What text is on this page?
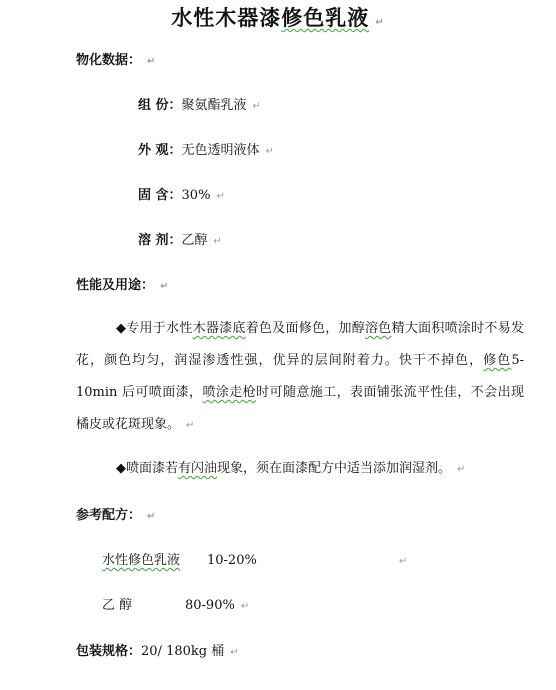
水性木器漆修色乳液 ↵
物化数据： ↵
组 份：聚氨酯乳液 ↵
外 观：无色透明液体 ↵
固 含：30% ↵
溶 剂：乙醇 ↵
性能及用途： ↵
◆专用于水性木器漆底着色及面修色，加醇溶色精大面积喷涂时不易发花，颜色均匀，润湿渗透性强，优异的层间附着力。快干不掉色，修色5-10min 后可喷面漆，喷涂走枪时可随意施工，表面铺张流平性佳，不会出现橘皮或花斑现象。 ↵
◆喷面漆若有闪油现象，须在面漆配方中适当添加润湿剂。 ↵
参考配方： ↵
水性修色乳液 10-20%	↵
乙 醇	80-90% ↵
包装规格：20/ 180kg 桶 ↵
